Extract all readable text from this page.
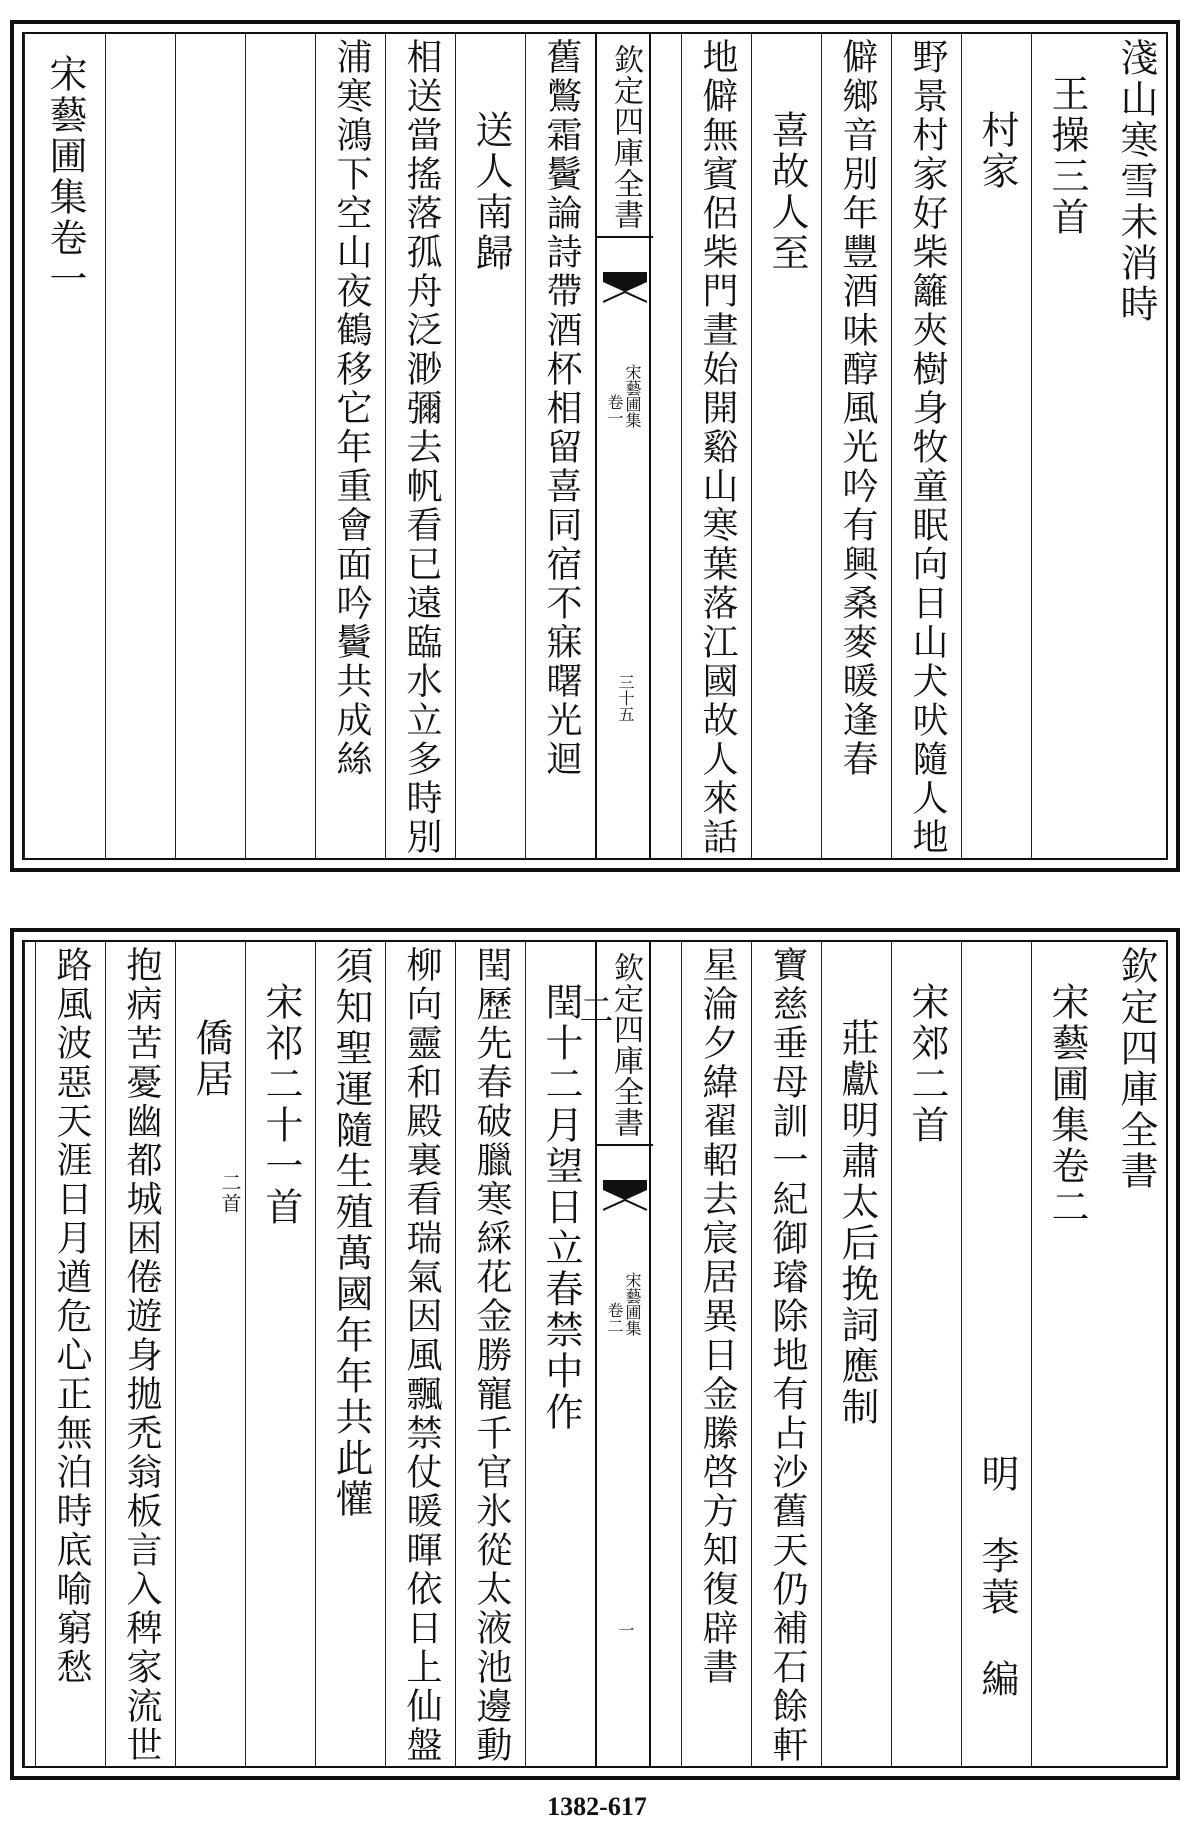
淺山寒雪未消時
王操三首
村家
野景村家好柴籬夾樹身牧童眠向日山犬吠隨人地
僻鄉音別年豐酒味醇風光吟有興桑麥暖逢春
喜故人至
地僻無賓侶柴門晝始開谿山寒葉落江國故人來話
欽定四庫全書
宋藝圃集
卷一
三十五
舊鷩霜鬢論詩帶酒杯相留喜同宿不寐曙光迴
送人南歸
相送當搖落孤舟泛渺彌去帆看已遠臨水立多時別
浦寒鴻下空山夜鶴移它年重會面吟鬢共成絲
宋藝圃集卷一
欽定四庫全書
宋藝圃集卷二
明　李蓑　編
宋郊二首
莊獻明肅太后挽詞應制
寶慈垂母訓一紀御璿除地有占沙舊天仍補石餘軒
星淪夕緯翟軺去宸居異日金縢啓方知復辟書
欽定四庫全書
宋藝圃集
卷二
一
閏十二月望日立春禁中作
閏歷先春破臘寒綵花金勝寵千官氷從太液池邊動
柳向靈和殿裏看瑞氣因風飄禁仗暖暉依日上仙盤
須知聖運隨生殖萬國年年共此懽
宋祁二十一首
僑居
二首
抱病苦憂幽都城困倦遊身拋禿翁板言入稗家流世
路風波惡天涯日月遒危心正無泊時底喻窮愁	二
1382-617
